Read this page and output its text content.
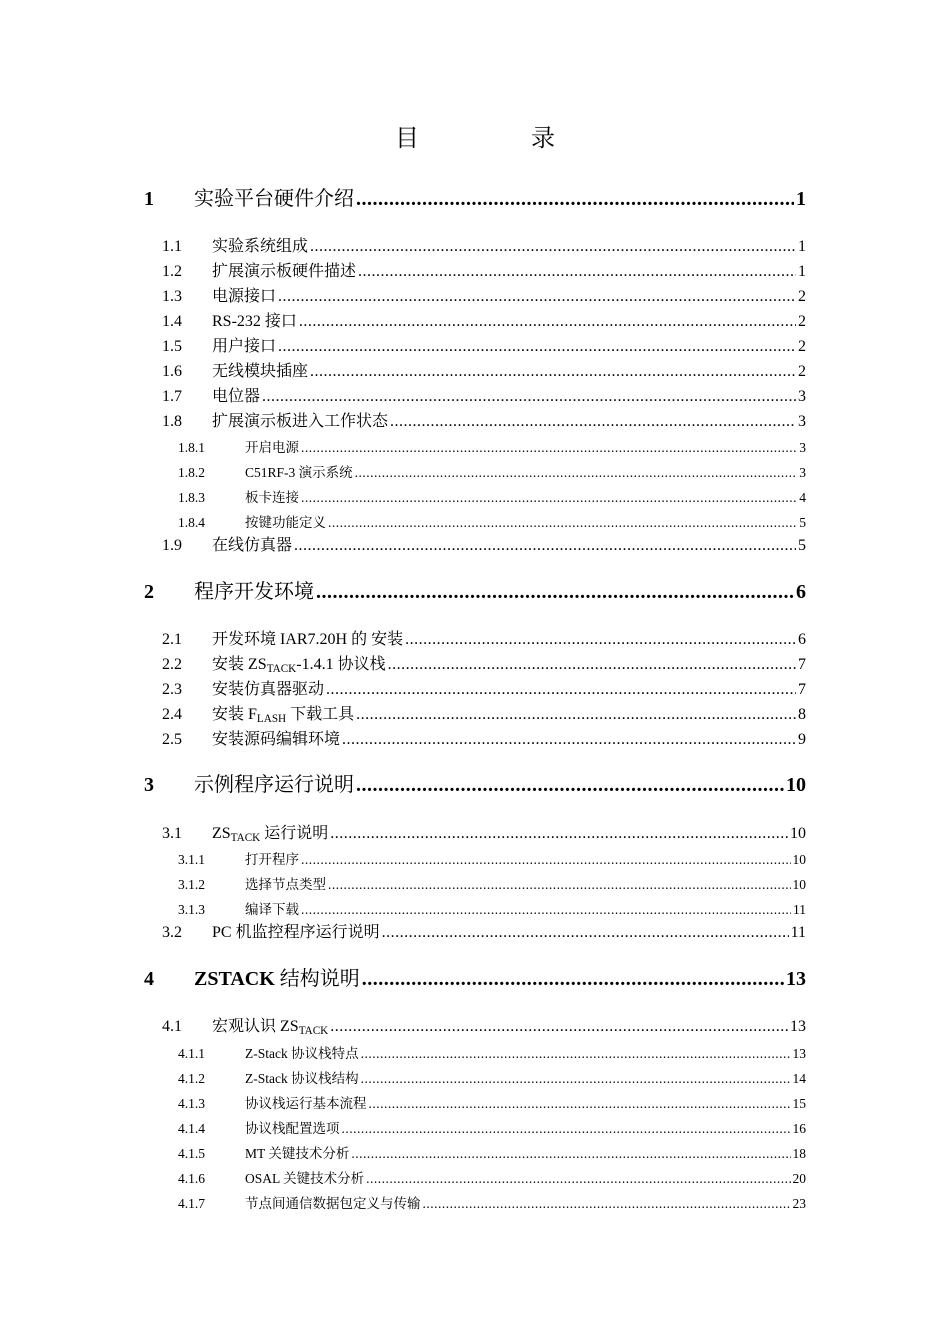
目　录
1	实验平台硬件介绍 .....	1
1.1	实验系统组成 .....	1
1.2	扩展演示板硬件描述 .....	1
1.3	电源接口 .....	2
1.4	RS-232 接口 .....	2
1.5	用户接口 .....	2
1.6	无线模块插座 .....	2
1.7	电位器 .....	3
1.8	扩展演示板进入工作状态 .....	3
1.8.1	开启电源 .....	3
1.8.2	C51RF-3 演示系统 .....	3
1.8.3	板卡连接 .....	4
1.8.4	按键功能定义 .....	5
1.9	在线仿真器 .....	5
2	程序开发环境 .....	6
2.1	开发环境 IAR7.20H 的 安装 .....	6
2.2	安装 $ZS_{TACK}-1.4.1$ 协议栈 .....	7
2.3	安装仿真器驱动 .....	7
2.4	安装 $F_{LASH}$ 下载工具 .....	8
2.5	安装源码编辑环境 .....	9
3	示例程序运行说明 .....	10
3.1	$ZS_{TACK}$ 运行说明 .....	10
3.1.1	打开程序 .....	10
3.1.2	选择节点类型 .....	10
3.1.3	编译下载 .....	11
3.2	PC 机监控程序运行说明 .....	11
4	ZSTACK 结构说明 .....	13
4.1	宏观认识 $ZS_{TACK}$ .....	13
4.1.1	Z-Stack 协议栈特点 .....	13
4.1.2	Z-Stack 协议栈结构 .....	14
4.1.3	协议栈运行基本流程 .....	15
4.1.4	协议栈配置选项 .....	16
4.1.5	MT 关键技术分析 .....	18
4.1.6	OSAL 关键技术分析 .....	20
4.1.7	节点间通信数据包定义与传输 .....	23
